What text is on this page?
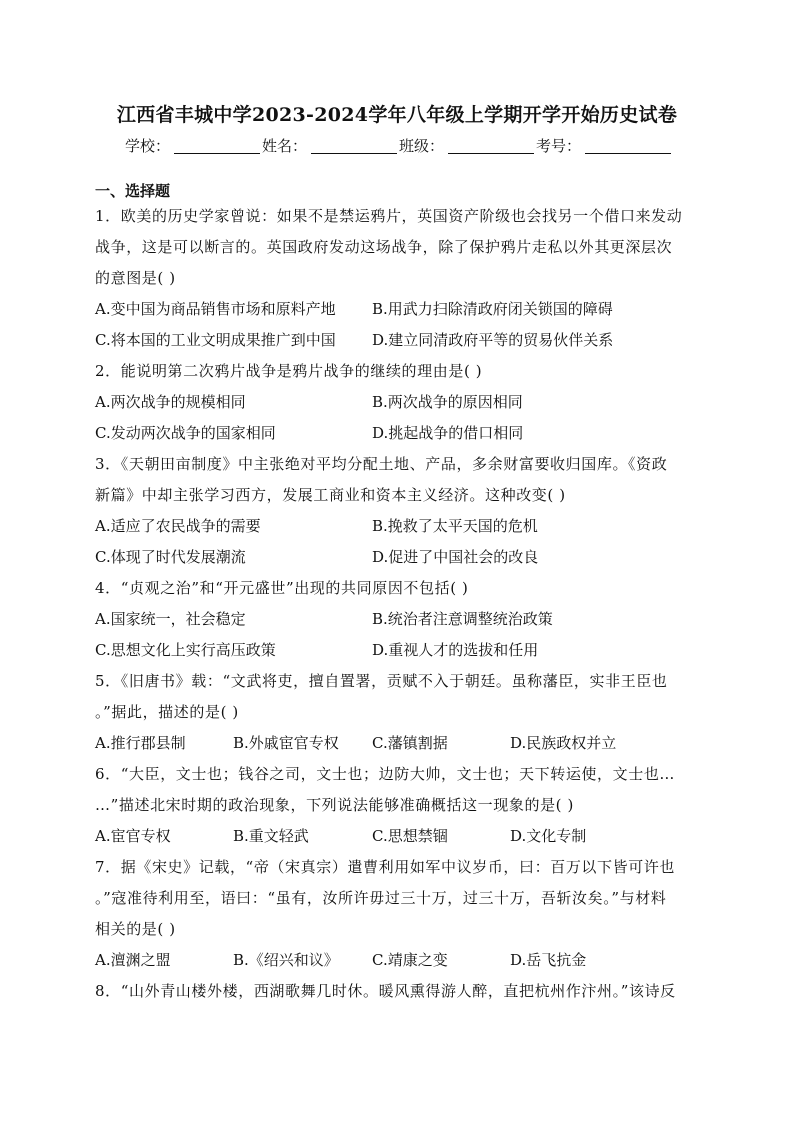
江西省丰城中学2023-2024学年八年级上学期开学开始历史试卷
学校：	姓名：	班级：	考号：
一、选择题
1．欧美的历史学家曾说：如果不是禁运鸦片，英国资产阶级也会找另一个借口来发动
战争，这是可以断言的。英国政府发动这场战争，除了保护鸦片走私以外其更深层次
的意图是( )
A.变中国为商品销售市场和原料产地 B.用武力扫除清政府闭关锁国的障碍
C.将本国的工业文明成果推广到中国 D.建立同清政府平等的贸易伙伴关系
2．能说明第二次鸦片战争是鸦片战争的继续的理由是( )
A.两次战争的规模相同	B.两次战争的原因相同
C.发动两次战争的国家相同	D.挑起战争的借口相同
3．《天朝田亩制度》中主张绝对平均分配土地、产品，多余财富要收归国库。《资政
新篇》中却主张学习西方，发展工商业和资本主义经济。这种改变( )
A.适应了农民战争的需要	B.挽救了太平天国的危机
C.体现了时代发展潮流	D.促进了中国社会的改良
4．“贞观之治”和“开元盛世”出现的共同原因不包括( )
A.国家统一，社会稳定	B.统治者注意调整统治政策
C.思想文化上实行高压政策	D.重视人才的选拔和任用
5．《旧唐书》载：“文武将吏，擅自置署，贡赋不入于朝廷。虽称藩臣，实非王臣也
。”据此，描述的是( )
A.推行郡县制	B.外戚宦官专权 C.藩镇割据	D.民族政权并立
6．“大臣，文士也；钱谷之司，文士也；边防大帅，文士也；天下转运使，文士也…
…”描述北宋时期的政治现象，下列说法能够准确概括这一现象的是( )
A.宦官专权	B.重文轻武	C.思想禁锢	D.文化专制
7．据《宋史》记载，“帝（宋真宗）遣曹利用如军中议岁币，曰：百万以下皆可许也
。”寇准待利用至，语曰：“虽有，汝所许毋过三十万，过三十万，吾斩汝矣。”与材料
相关的是( )
A.澶渊之盟	B.《绍兴和议》 C.靖康之变	D.岳飞抗金
8．“山外青山楼外楼，西湖歌舞几时休。暖风熏得游人醉，直把杭州作汴州。”该诗反
